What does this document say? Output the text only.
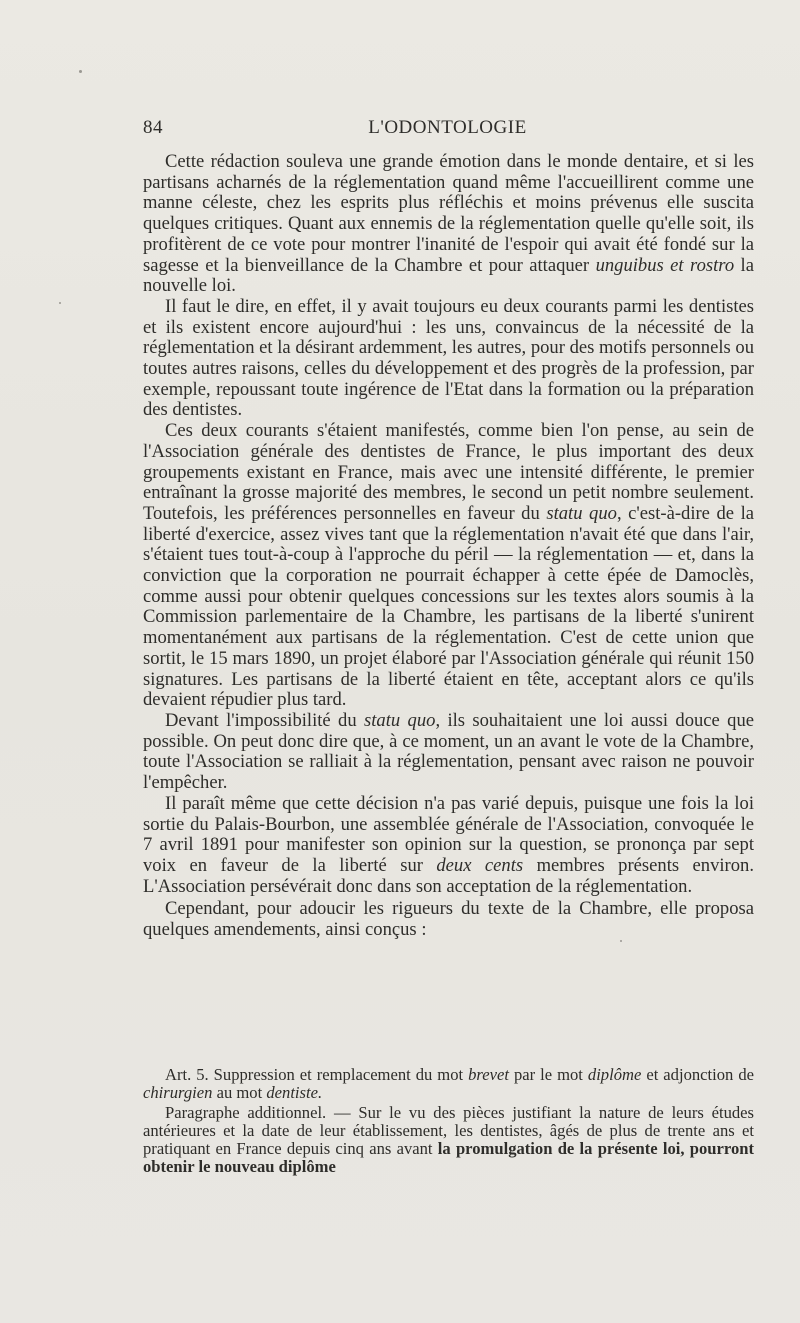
84	L'ODONTOLOGIE

Cette rédaction souleva une grande émotion dans le monde dentaire, et si les partisans acharnés de la réglementation quand même l'accueillirent comme une manne céleste, chez les esprits plus réfléchis et moins prévenus elle suscita quelques critiques. Quant aux ennemis de la réglementation quelle qu'elle soit, ils profitèrent de ce vote pour montrer l'inanité de l'espoir qui avait été fondé sur la sagesse et la bienveillance de la Chambre et pour attaquer unguibus et rostro la nouvelle loi.

Il faut le dire, en effet, il y avait toujours eu deux courants parmi les dentistes et ils existent encore aujourd'hui : les uns, convaincus de la nécessité de la réglementation et la désirant ardemment, les autres, pour des motifs personnels ou toutes autres raisons, celles du développement et des progrès de la profession, par exemple, repoussant toute ingérence de l'Etat dans la formation ou la préparation des dentistes.

Ces deux courants s'étaient manifestés, comme bien l'on pense, au sein de l'Association générale des dentistes de France, le plus important des deux groupements existant en France, mais avec une intensité différente, le premier entraînant la grosse majorité des membres, le second un petit nombre seulement. Toutefois, les préférences personnelles en faveur du statu quo, c'est-à-dire de la liberté d'exercice, assez vives tant que la réglementation n'avait été que dans l'air, s'étaient tues tout-à-coup à l'approche du péril — la réglementation — et, dans la conviction que la corporation ne pourrait échapper à cette épée de Damoclès, comme aussi pour obtenir quelques concessions sur les textes alors soumis à la Commission parlementaire de la Chambre, les partisans de la liberté s'unirent momentanément aux partisans de la réglementation. C'est de cette union que sortit, le 15 mars 1890, un projet élaboré par l'Association générale qui réunit 150 signatures. Les partisans de la liberté étaient en tête, acceptant alors ce qu'ils devaient répudier plus tard.

Devant l'impossibilité du statu quo, ils souhaitaient une loi aussi douce que possible. On peut donc dire que, à ce moment, un an avant le vote de la Chambre, toute l'Association se ralliait à la réglementation, pensant avec raison ne pouvoir l'empêcher.

Il paraît même que cette décision n'a pas varié depuis, puisque une fois la loi sortie du Palais-Bourbon, une assemblée générale de l'Association, convoquée le 7 avril 1891 pour manifester son opinion sur la question, se prononça par sept voix en faveur de la liberté sur deux cents membres présents environ. L'Association persévérait donc dans son acceptation de la réglementation.

Cependant, pour adoucir les rigueurs du texte de la Chambre, elle proposa quelques amendements, ainsi conçus :

Art. 5. Suppression et remplacement du mot brevet par le mot diplôme et adjonction de chirurgien au mot dentiste.

Paragraphe additionnel. — Sur le vu des pièces justifiant la nature de leurs études antérieures et la date de leur établissement, les dentistes, âgés de plus de trente ans et pratiquant en France depuis cinq ans avant la promulgation de la présente loi, pourront obtenir le nouveau diplôme
